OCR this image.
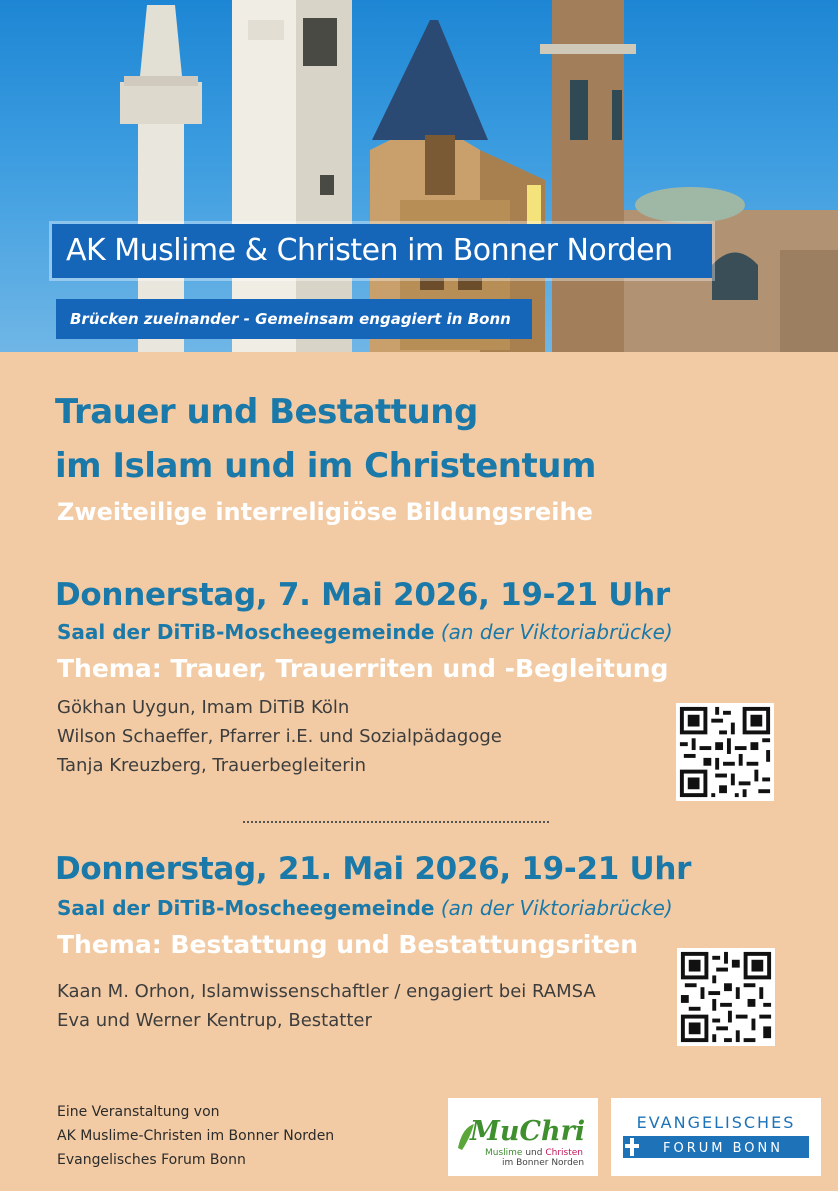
AK Muslime & Christen im Bonner Norden
Brücken zueinander - Gemeinsam engagiert in Bonn
Trauer und Bestattung
im Islam und im Christentum
Zweiteilige interreligiöse Bildungsreihe
Donnerstag, 7. Mai 2026, 19-21 Uhr
Saal der DiTiB-Moscheegemeinde (an der Viktoriabrücke)
Thema: Trauer, Trauerriten und -Begleitung
Gökhan Uygun, Imam DiTiB Köln
Wilson Schaeffer, Pfarrer i.E. und Sozialpädagoge
Tanja Kreuzberg, Trauerbegleiterin
Donnerstag, 21. Mai 2026, 19-21 Uhr
Saal der DiTiB-Moscheegemeinde (an der Viktoriabrücke)
Thema: Bestattung und Bestattungsriten
Kaan M. Orhon, Islamwissenschaftler / engagiert bei RAMSA
Eva und Werner Kentrup, Bestatter
Eine Veranstaltung von
AK Muslime-Christen im Bonner Norden
Evangelisches Forum Bonn
MuChri
Muslime und Christen
im Bonner Norden
EVANGELISCHES
FORUM BONN
